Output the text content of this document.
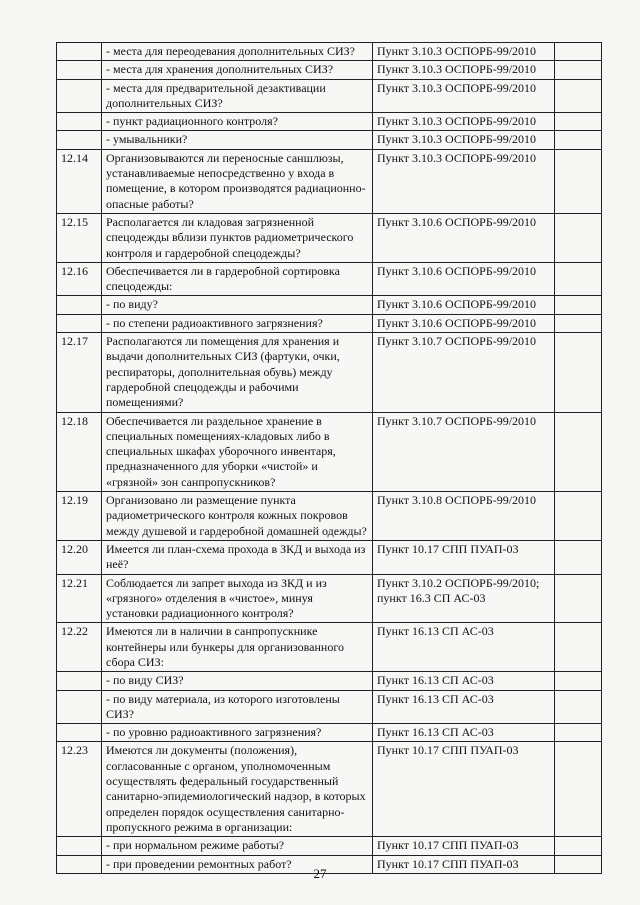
	- места для переодевания дополнительных СИЗ?	Пункт 3.10.3 ОСПОРБ-99/2010	
	- места для хранения дополнительных СИЗ?	Пункт 3.10.3 ОСПОРБ-99/2010	
	- места для предварительной дезактивации дополнительных СИЗ?	Пункт 3.10.3 ОСПОРБ-99/2010	
	- пункт радиационного контроля?	Пункт 3.10.3 ОСПОРБ-99/2010	
	- умывальники?	Пункт 3.10.3 ОСПОРБ-99/2010	
12.14	Организовываются ли переносные саншлюзы, устанавливаемые непосредственно у входа в помещение, в котором производятся радиационно-опасные работы?	Пункт 3.10.3 ОСПОРБ-99/2010	
12.15	Располагается ли кладовая загрязненной спецодежды вблизи пунктов радиометрического контроля и гардеробной спецодежды?	Пункт 3.10.6 ОСПОРБ-99/2010	
12.16	Обеспечивается ли в гардеробной сортировка спецодежды:	Пункт 3.10.6 ОСПОРБ-99/2010	
	- по виду?	Пункт 3.10.6 ОСПОРБ-99/2010	
	- по степени радиоактивного загрязнения?	Пункт 3.10.6 ОСПОРБ-99/2010	
12.17	Располагаются ли помещения для хранения и выдачи дополнительных СИЗ (фартуки, очки, респираторы, дополнительная обувь) между гардеробной спецодежды и рабочими помещениями?	Пункт 3.10.7 ОСПОРБ-99/2010	
12.18	Обеспечивается ли раздельное хранение в специальных помещениях-кладовых либо в специальных шкафах уборочного инвентаря, предназначенного для уборки «чистой» и «грязной» зон санпропускников?	Пункт 3.10.7 ОСПОРБ-99/2010	
12.19	Организовано ли размещение пункта радиометрического контроля кожных покровов между душевой и гардеробной домашней одежды?	Пункт 3.10.8 ОСПОРБ-99/2010	
12.20	Имеется ли план-схема прохода в ЗКД и выхода из неё?	Пункт 10.17 СПП ПУАП-03	
12.21	Соблюдается ли запрет выхода из ЗКД и из «грязного» отделения в «чистое», минуя установки радиационного контроля?	Пункт 3.10.2 ОСПОРБ-99/2010; пункт 16.3 СП АС-03	
12.22	Имеются ли в наличии в санпропускнике контейнеры или бункеры для организованного сбора СИЗ:	Пункт 16.13 СП АС-03	
	- по виду СИЗ?	Пункт 16.13 СП АС-03	
	- по виду материала, из которого изготовлены СИЗ?	Пункт 16.13 СП АС-03	
	- по уровню радиоактивного загрязнения?	Пункт 16.13 СП АС-03	
12.23	Имеются ли документы (положения), согласованные с органом, уполномоченным осуществлять федеральный государственный санитарно-эпидемиологический надзор, в которых определен порядок осуществления санитарно-пропускного режима в организации:	Пункт 10.17 СПП ПУАП-03	
	- при нормальном режиме работы?	Пункт 10.17 СПП ПУАП-03	
	- при проведении ремонтных работ?	Пункт 10.17 СПП ПУАП-03	
27
